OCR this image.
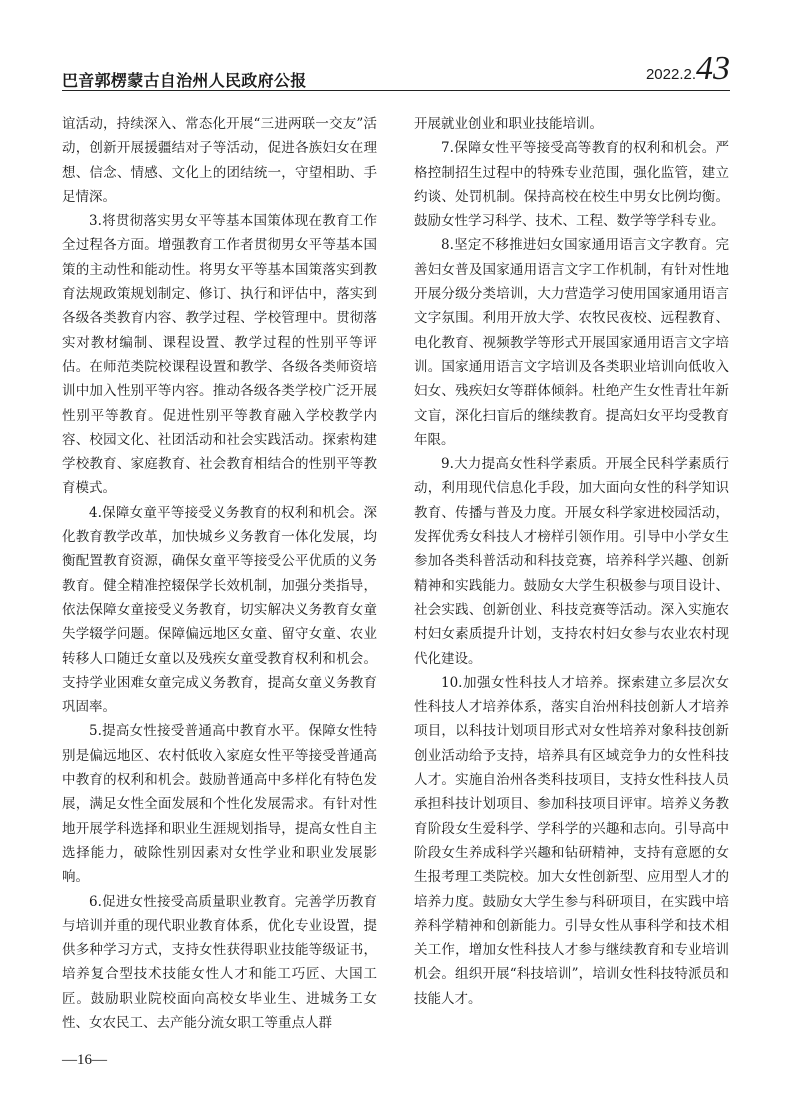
巴音郭楞蒙古自治州人民政府公报	2022.2.43

谊活动，持续深入、常态化开展“三进两联一交友”活动，创新开展援疆结对子等活动，促进各族妇女在理想、信念、情感、文化上的团结统一，守望相助、手足情深。

3.将贯彻落实男女平等基本国策体现在教育工作全过程各方面。增强教育工作者贯彻男女平等基本国策的主动性和能动性。将男女平等基本国策落实到教育法规政策规划制定、修订、执行和评估中，落实到各级各类教育内容、教学过程、学校管理中。贯彻落实对教材编制、课程设置、教学过程的性别平等评估。在师范类院校课程设置和教学、各级各类师资培训中加入性别平等内容。推动各级各类学校广泛开展性别平等教育。促进性别平等教育融入学校教学内容、校园文化、社团活动和社会实践活动。探索构建学校教育、家庭教育、社会教育相结合的性别平等教育模式。

4.保障女童平等接受义务教育的权利和机会。深化教育教学改革，加快城乡义务教育一体化发展，均衡配置教育资源，确保女童平等接受公平优质的义务教育。健全精准控辍保学长效机制，加强分类指导，依法保障女童接受义务教育，切实解决义务教育女童失学辍学问题。保障偏远地区女童、留守女童、农业转移人口随迁女童以及残疾女童受教育权利和机会。支持学业困难女童完成义务教育，提高女童义务教育巩固率。

5.提高女性接受普通高中教育水平。保障女性特别是偏远地区、农村低收入家庭女性平等接受普通高中教育的权利和机会。鼓励普通高中多样化有特色发展，满足女性全面发展和个性化发展需求。有针对性地开展学科选择和职业生涯规划指导，提高女性自主选择能力，破除性别因素对女性学业和职业发展影响。

6.促进女性接受高质量职业教育。完善学历教育与培训并重的现代职业教育体系，优化专业设置，提供多种学习方式，支持女性获得职业技能等级证书，培养复合型技术技能女性人才和能工巧匠、大国工匠。鼓励职业院校面向高校女毕业生、进城务工女性、女农民工、去产能分流女职工等重点人群

开展就业创业和职业技能培训。

7.保障女性平等接受高等教育的权利和机会。严格控制招生过程中的特殊专业范围，强化监管，建立约谈、处罚机制。保持高校在校生中男女比例均衡。鼓励女性学习科学、技术、工程、数学等学科专业。

8.坚定不移推进妇女国家通用语言文字教育。完善妇女普及国家通用语言文字工作机制，有针对性地开展分级分类培训，大力营造学习使用国家通用语言文字氛围。利用开放大学、农牧民夜校、远程教育、电化教育、视频教学等形式开展国家通用语言文字培训。国家通用语言文字培训及各类职业培训向低收入妇女、残疾妇女等群体倾斜。杜绝产生女性青壮年新文盲，深化扫盲后的继续教育。提高妇女平均受教育年限。

9.大力提高女性科学素质。开展全民科学素质行动，利用现代信息化手段，加大面向女性的科学知识教育、传播与普及力度。开展女科学家进校园活动，发挥优秀女科技人才榜样引领作用。引导中小学女生参加各类科普活动和科技竞赛，培养科学兴趣、创新精神和实践能力。鼓励女大学生积极参与项目设计、社会实践、创新创业、科技竞赛等活动。深入实施农村妇女素质提升计划，支持农村妇女参与农业农村现代化建设。

10.加强女性科技人才培养。探索建立多层次女性科技人才培养体系，落实自治州科技创新人才培养项目，以科技计划项目形式对女性培养对象科技创新创业活动给予支持，培养具有区域竞争力的女性科技人才。实施自治州各类科技项目，支持女性科技人员承担科技计划项目、参加科技项目评审。培养义务教育阶段女生爱科学、学科学的兴趣和志向。引导高中阶段女生养成科学兴趣和钻研精神，支持有意愿的女生报考理工类院校。加大女性创新型、应用型人才的培养力度。鼓励女大学生参与科研项目，在实践中培养科学精神和创新能力。引导女性从事科学和技术相关工作，增加女性科技人才参与继续教育和专业培训机会。组织开展“科技培训”，培训女性科技特派员和技能人才。

—16—
